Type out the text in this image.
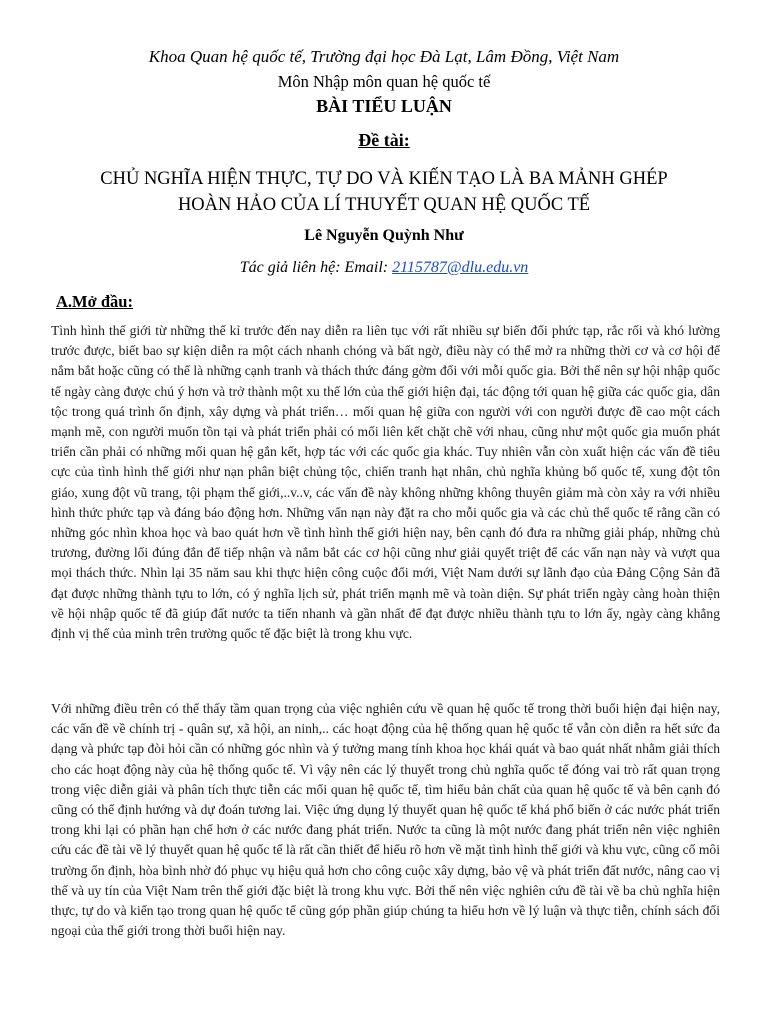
Khoa Quan hệ quốc tế, Trường đại học Đà Lạt, Lâm Đồng, Việt Nam
Môn Nhập môn quan hệ quốc tế
BÀI TIỂU LUẬN
Đề tài:
CHỦ NGHĨA HIỆN THỰC, TỰ DO VÀ KIẾN TẠO LÀ BA MẢNH GHÉP
HOÀN HẢO CỦA LÍ THUYẾT QUAN HỆ QUỐC TẾ
Lê Nguyễn Quỳnh Như
Tác giả liên hệ: Email: 2115787@dlu.edu.vn
A.Mở đầu:

Tình hình thế giới từ những thế kỉ trước đến nay diễn ra liên tục với rất nhiều sự biến đổi phức tạp, rắc rối và khó lường trước được, biết bao sự kiện diễn ra một cách nhanh chóng và bất ngờ, điều này có thể mở ra những thời cơ và cơ hội để nắm bắt hoặc cũng có thể là những cạnh tranh và thách thức đáng gờm đối với mỗi quốc gia. Bởi thế nên sự hội nhập quốc tế ngày càng được chú ý hơn và trở thành một xu thế lớn của thế giới hiện đại, tác động tới quan hệ giữa các quốc gia, dân tộc trong quá trình ổn định, xây dựng và phát triển… mối quan hệ giữa con người với con người được đề cao một cách mạnh mẽ, con người muốn tồn tại và phát triển phải có mối liên kết chặt chẽ với nhau, cũng như một quốc gia muốn phát triển cần phải có những mối quan hệ gắn kết, hợp tác với các quốc gia khác. Tuy nhiên vẫn còn xuất hiện các vấn đề tiêu cực của tình hình thế giới như nạn phân biệt chủng tộc, chiến tranh hạt nhân, chủ nghĩa khủng bố quốc tế, xung đột tôn giáo, xung đột vũ trang, tội phạm thế giới,..v..v, các vấn đề này không những không thuyên giảm mà còn xảy ra với nhiều hình thức phức tạp và đáng báo động hơn. Những vấn nạn này đặt ra cho mỗi quốc gia và các chủ thể quốc tế rằng cần có những góc nhìn khoa học và bao quát hơn về tình hình thế giới hiện nay, bên cạnh đó đưa ra những giải pháp, những chủ trương, đường lối đúng đắn để tiếp nhận và nắm bắt các cơ hội cũng như giải quyết triệt để các vấn nạn này và vượt qua mọi thách thức. Nhìn lại 35 năm sau khi thực hiện công cuộc đổi mới, Việt Nam dưới sự lãnh đạo của Đảng Cộng Sản đã đạt được những thành tựu to lớn, có ý nghĩa lịch sử, phát triển mạnh mẽ và toàn diện. Sự phát triển ngày càng hoàn thiện về hội nhập quốc tế đã giúp đất nước ta tiến nhanh và gần nhất để đạt được nhiều thành tựu to lớn ấy, ngày càng khẳng định vị thế của mình trên trường quốc tế đặc biệt là trong khu vực.

Với những điều trên có thể thấy tầm quan trọng của việc nghiên cứu về quan hệ quốc tế trong thời buổi hiện đại hiện nay, các vấn đề về chính trị - quân sự, xã hội, an ninh,.. các hoạt động của hệ thống quan hệ quốc tế vẫn còn diễn ra hết sức đa dạng và phức tạp đòi hỏi cần có những góc nhìn và ý tưởng mang tính khoa học khái quát và bao quát nhất nhằm giải thích cho các hoạt động này của hệ thống quốc tế. Vì vậy nên các lý thuyết trong chủ nghĩa quốc tế đóng vai trò rất quan trọng trong việc diễn giải và phân tích thực tiễn các mối quan hệ quốc tế, tìm hiểu bản chất của quan hệ quốc tế và bên cạnh đó cũng có thể định hướng và dự đoán tương lai. Việc ứng dụng lý thuyết quan hệ quốc tế khá phổ biến ở các nước phát triển trong khi lại có phần hạn chế hơn ở các nước đang phát triển. Nước ta cũng là một nước đang phát triển nên việc nghiên cứu các đề tài về lý thuyết quan hệ quốc tế là rất cần thiết để hiểu rõ hơn về mặt tình hình thế giới và khu vực, cũng cố môi trường ổn định, hòa bình nhờ đó phục vụ hiệu quả hơn cho công cuộc xây dựng, bảo vệ và phát triển đất nước, nâng cao vị thế và uy tín của Việt Nam trên thế giới đặc biệt là trong khu vực. Bởi thế nên việc nghiên cứu đề tài về ba chủ nghĩa hiện thực, tự do và kiến tạo trong quan hệ quốc tế cũng góp phần giúp chúng ta hiểu hơn về lý luận và thực tiễn, chính sách đối ngoại của thế giới trong thời buổi hiện nay.
